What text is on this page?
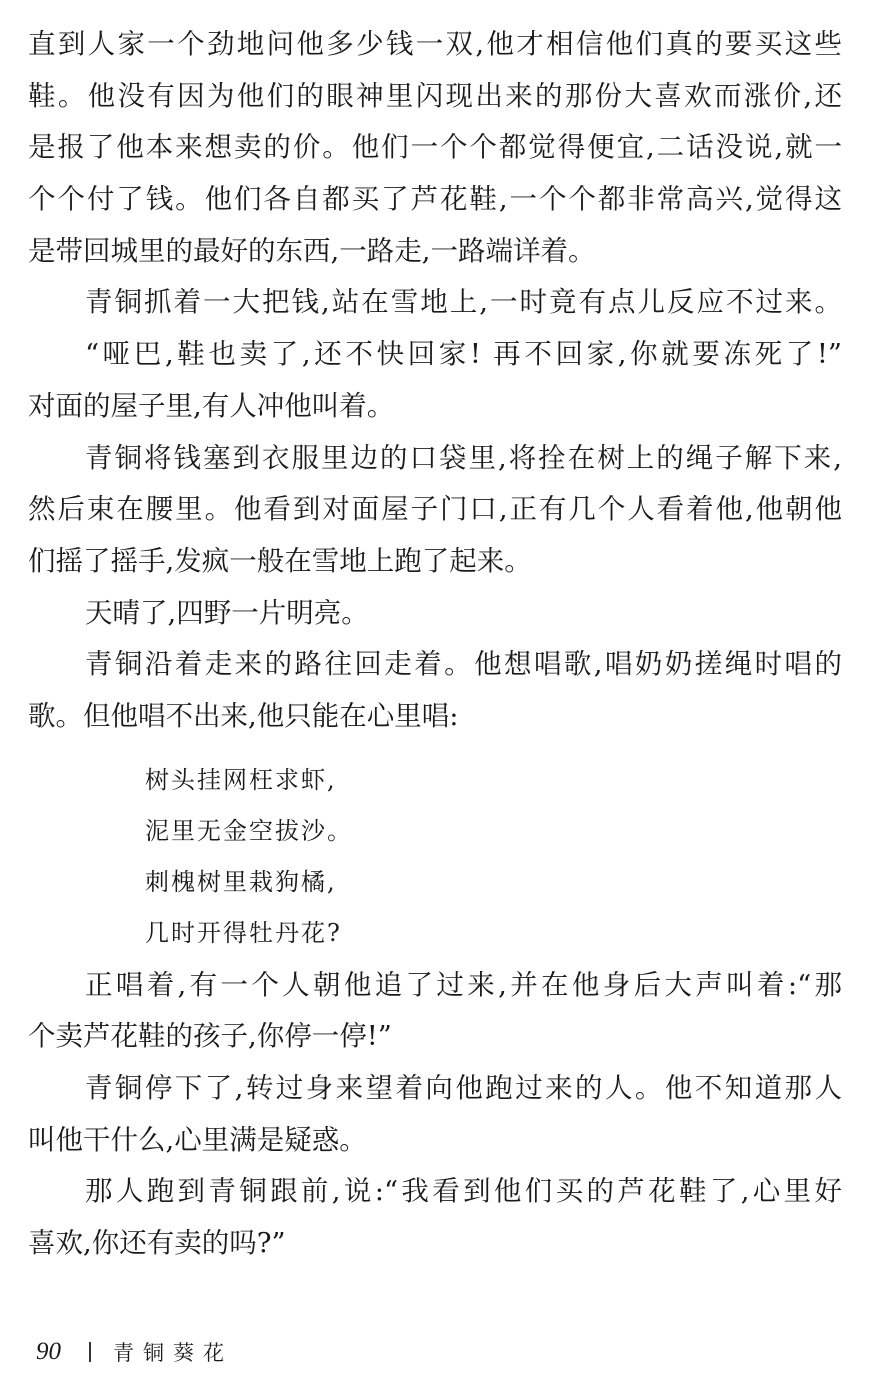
直到人家一个劲地问他多少钱一双,他才相信他们真的要买这些
鞋。他没有因为他们的眼神里闪现出来的那份大喜欢而涨价,还
是报了他本来想卖的价。他们一个个都觉得便宜,二话没说,就一
个个付了钱。他们各自都买了芦花鞋,一个个都非常高兴,觉得这
是带回城里的最好的东西,一路走,一路端详着。
青铜抓着一大把钱,站在雪地上,一时竟有点儿反应不过来。
“哑巴,鞋也卖了,还不快回家! 再不回家,你就要冻死了!”
对面的屋子里,有人冲他叫着。
青铜将钱塞到衣服里边的口袋里,将拴在树上的绳子解下来,
然后束在腰里。他看到对面屋子门口,正有几个人看着他,他朝他
们摇了摇手,发疯一般在雪地上跑了起来。
天晴了,四野一片明亮。
青铜沿着走来的路往回走着。他想唱歌,唱奶奶搓绳时唱的
歌。但他唱不出来,他只能在心里唱:
树头挂网枉求虾,
泥里无金空拔沙。
刺槐树里栽狗橘,
几时开得牡丹花?
正唱着,有一个人朝他追了过来,并在他身后大声叫着:“那
个卖芦花鞋的孩子,你停一停!”
青铜停下了,转过身来望着向他跑过来的人。他不知道那人
叫他干什么,心里满是疑惑。
那人跑到青铜跟前,说:“我看到他们买的芦花鞋了,心里好
喜欢,你还有卖的吗?”
90 青铜葵花
